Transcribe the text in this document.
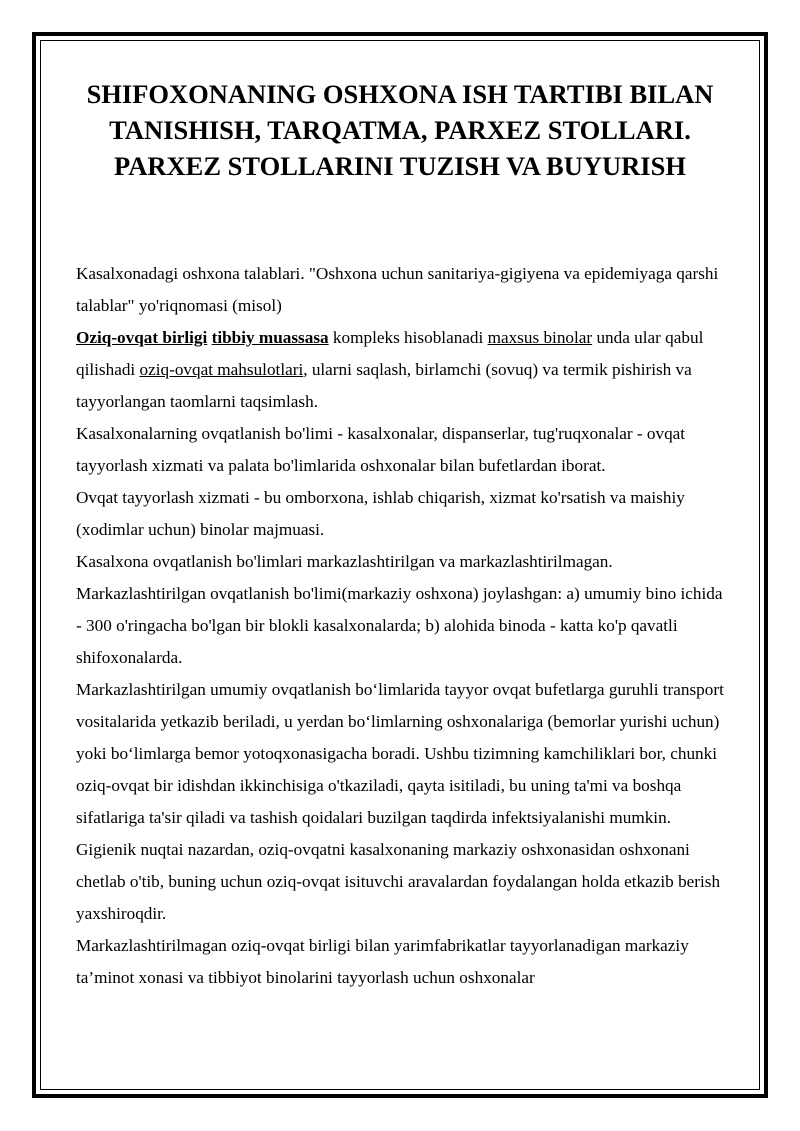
SHIFOXONANING OSHXONA ISH TARTIBI BILAN TANISHISH, TARQATMA, PARXEZ STOLLARI. PARXEZ STOLLARINI TUZISH VA BUYURISH

Kasalxonadagi oshxona talablari. "Oshxona uchun sanitariya-gigiyena va epidemiyaga qarshi talablar" yo'riqnomasi (misol)

Oziq-ovqat birligi tibbiy muassasa kompleks hisoblanadi maxsus binolar unda ular qabul qilishadi oziq-ovqat mahsulotlari, ularni saqlash, birlamchi (sovuq) va termik pishirish va tayyorlangan taomlarni taqsimlash.

Kasalxonalarning ovqatlanish bo'limi - kasalxonalar, dispanserlar, tug'ruqxonalar - ovqat tayyorlash xizmati va palata bo'limlarida oshxonalar bilan bufetlardan iborat.

Ovqat tayyorlash xizmati - bu omborxona, ishlab chiqarish, xizmat ko'rsatish va maishiy (xodimlar uchun) binolar majmuasi.

Kasalxona ovqatlanish bo'limlari markazlashtirilgan va markazlashtirilmagan.

Markazlashtirilgan ovqatlanish bo'limi(markaziy oshxona) joylashgan: a) umumiy bino ichida - 300 o'ringacha bo'lgan bir blokli kasalxonalarda; b) alohida binoda - katta ko'p qavatli shifoxonalarda.

Markazlashtirilgan umumiy ovqatlanish bo‘limlarida tayyor ovqat bufetlarga guruhli transport vositalarida yetkazib beriladi, u yerdan bo‘limlarning oshxonalariga (bemorlar yurishi uchun) yoki bo‘limlarga bemor yotoqxonasigacha boradi. Ushbu tizimning kamchiliklari bor, chunki oziq-ovqat bir idishdan ikkinchisiga o'tkaziladi, qayta isitiladi, bu uning ta'mi va boshqa sifatlariga ta'sir qiladi va tashish qoidalari buzilgan taqdirda infektsiyalanishi mumkin. Gigienik nuqtai nazardan, oziq-ovqatni kasalxonaning markaziy oshxonasidan oshxonani chetlab o'tib, buning uchun oziq-ovqat isituvchi aravalardan foydalangan holda etkazib berish yaxshiroqdir.

Markazlashtirilmagan oziq-ovqat birligi bilan yarimfabrikatlar tayyorlanadigan markaziy ta’minot xonasi va tibbiyot binolarini tayyorlash uchun oshxonalar
